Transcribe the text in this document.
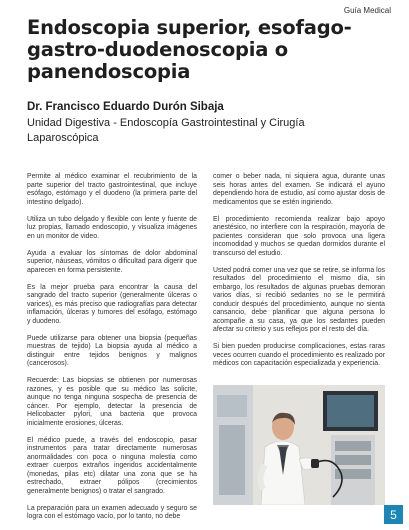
Guía Medical
Endoscopia superior, esofago-gastro-duodenoscopia o panendoscopia

Dr. Francisco Eduardo Durón Sibaja

Unidad Digestiva - Endoscopía Gastrointestinal y Cirugía Laparoscópica

Permite al médico examinar el recubrimiento de la parte superior del tracto gastrointestinal, que incluye esófago, estómago y el duodeno (la primera parte del intestino delgado).

Utiliza un tubo delgado y flexible con lente y fuente de luz propias, llamado endoscopio, y visualiza imágenes en un monitor de video.

Ayuda a evaluar los síntomas de dolor abdominal superior, náuseas, vómitos o dificultad para digerir que aparecen en forma persistente.

Es la mejor prueba para encontrar la causa del sangrado del tracto superior (generalmente úlceras o varices), es más preciso que radiografías para detectar inflamación, úlceras y tumores del esófago, estómago y duodeno.

Puede utilizarse para obtener una biopsia (pequeñas muestras de tejido) La biopsia ayuda al médico a distinguir entre tejidos benignos y malignos (cancerosos).

Recuerde: Las biopsias se obtienen por numerosas razones, y es posible que su médico las solicite, aunque no tenga ninguna sospecha de presencia de cáncer. Por ejemplo, detectar la presencia de Helicobacter pylori, una bacteria que provoca inicialmente erosiones, úlceras.

El médico puede, a través del endoscopio, pasar instrumentos para tratar directamente numerosas anormalidades con poca o ninguna molestia como extraer cuerpos extraños ingeridos accidentalmente (monedas, pilas etc) dilatar una zona que se ha estrechado, extraer pólipos (crecimientos generalmente benignos) o tratar el sangrado.

La preparación para un examen adecuado y seguro se logra con el estómago vacío, por lo tanto, no debe

comer o beber nada, ni siquiera agua, durante unas seis horas antes del examen. Se indicará el ayuno dependiendo hora de estudio, así como ajustar dosis de medicamentos que se estén ingiriendo.

El procedimiento recomienda realizar bajo apoyo anestésico, no interfiere con la respiración, mayoría de pacientes consideran que solo provoca una ligera incomodidad y muchos se quedan dormidos durante el transcurso del estudio.

Usted podrá comer una vez que se retire, se informa los resultados del procedimiento el mismo día, sin embargo, los resultados de algunas pruebas demoran varios días, si recibió sedantes no se le permitirá conducir después del procedimiento, aunque no sienta cansancio, debe planificar que alguna persona lo acompañe a su casa, ya que los sedantes pueden afectar su criterio y sus reflejos por el resto del día.

Si bien pueden producirse complicaciones, estas raras veces ocurren cuando el procedimiento es realizado por médicos con capacitación especializada y experiencia.

5
